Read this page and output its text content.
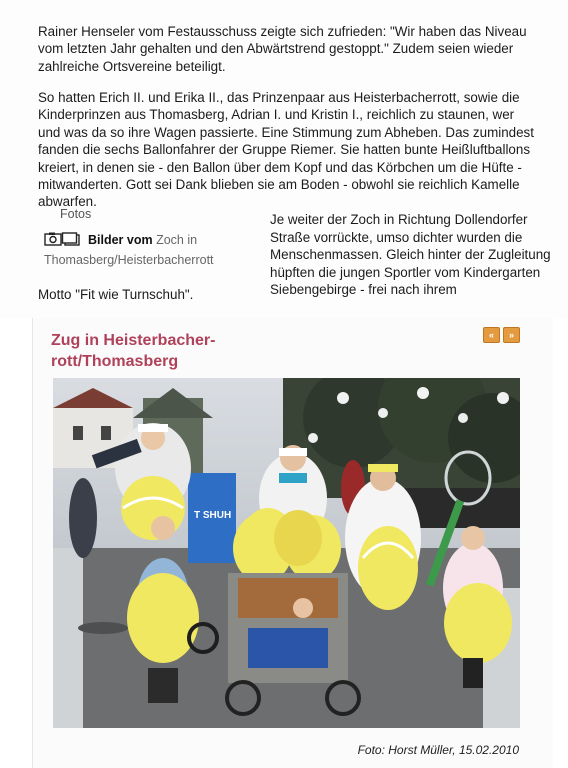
Rainer Henseler vom Festausschuss zeigte sich zufrieden: "Wir haben das Niveau vom letzten Jahr gehalten und den Abwärtstrend gestoppt." Zudem seien wieder zahlreiche Ortsvereine beteiligt.

So hatten Erich II. und Erika II., das Prinzenpaar aus Heisterbacherrott, sowie die Kinderprinzen aus Thomasberg, Adrian I. und Kristin I., reichlich zu staunen, wer und was da so ihre Wagen passierte. Eine Stimmung zum Abheben. Das zumindest fanden die sechs Ballonfahrer der Gruppe Riemer. Sie hatten bunte Heißluftballons kreiert, in denen sie - den Ballon über dem Kopf und das Körbchen um die Hüfte - mitwanderten. Gott sei Dank blieben sie am Boden - obwohl sie reichlich Kamelle abwarfen.

Fotos
Bilder vom Zoch in Thomasberg/Heisterbacherrott

Je weiter der Zoch in Richtung Dollendorfer Straße vorrückte, umso dichter wurden die Menschenmassen. Gleich hinter der Zugleitung hüpften die jungen Sportler vom Kindergarten Siebengebirge - frei nach ihrem

Motto "Fit wie Turnschuh".

Zug in Heisterbacher-rott/Thomasberg
«	»
T SHUH

Foto: Horst Müller, 15.02.2010
